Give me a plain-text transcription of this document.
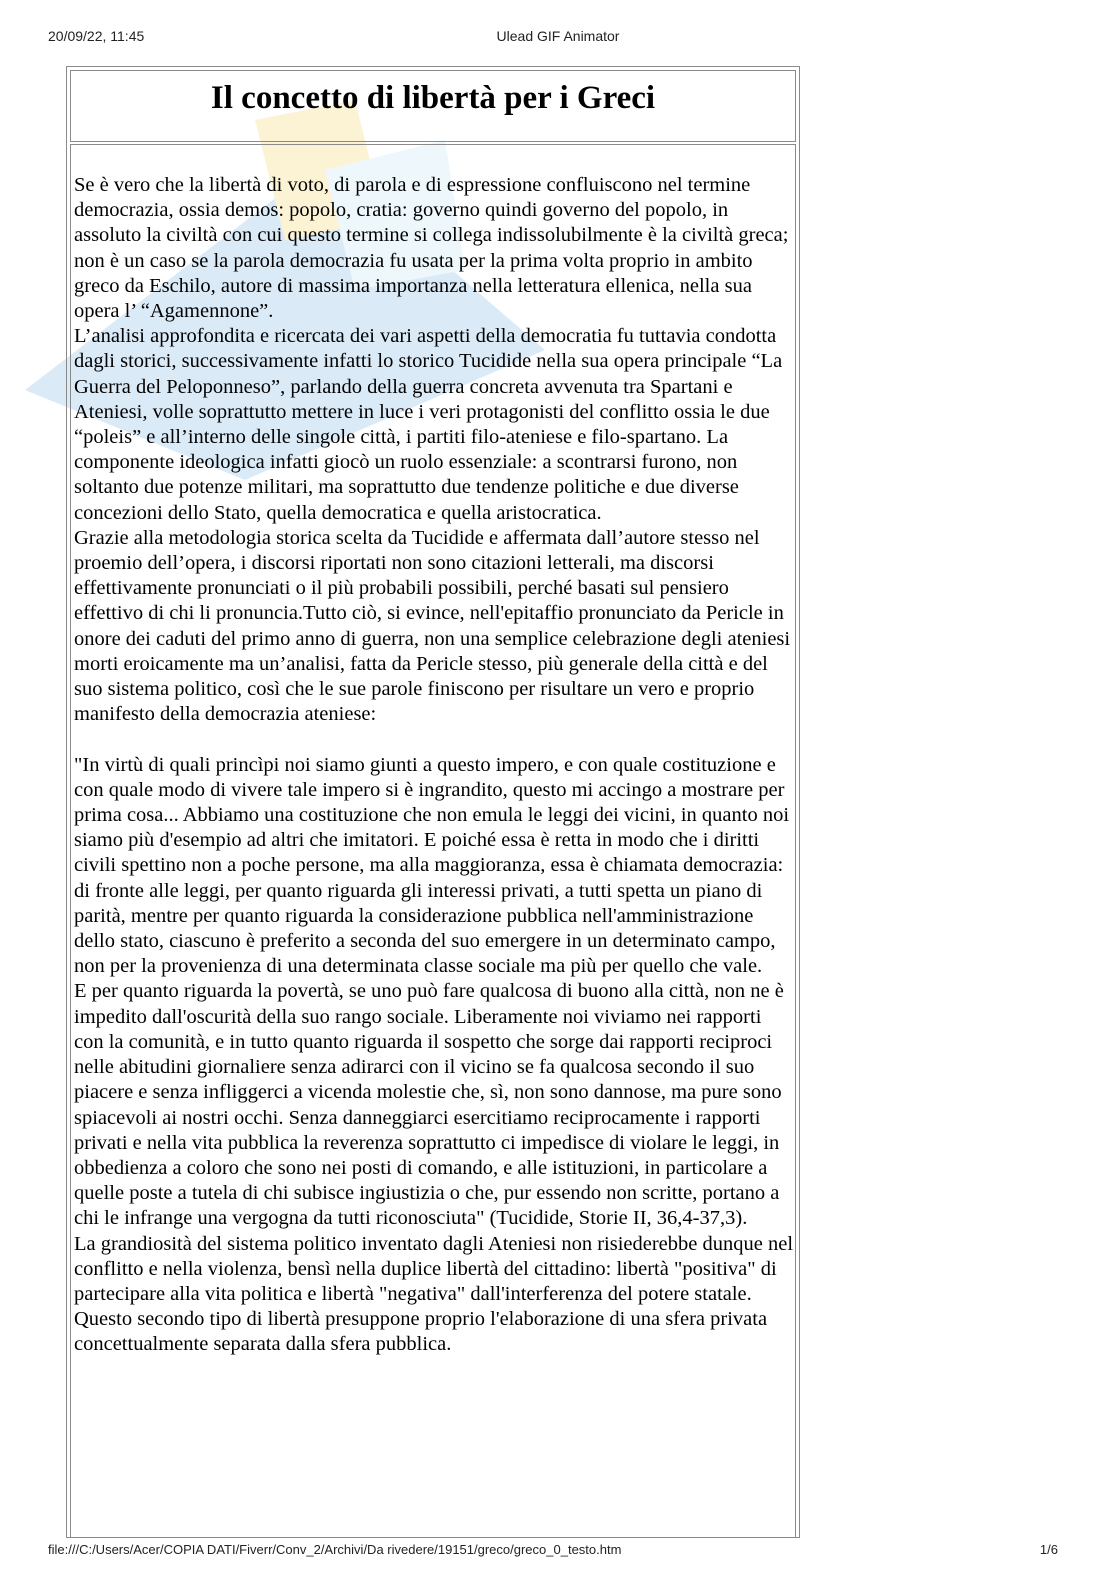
20/09/22, 11:45	Ulead GIF Animator
Il concetto di libertà per i Greci

Se è vero che la libertà di voto, di parola e di espressione confluiscono nel termine democrazia, ossia demos: popolo, cratia: governo quindi governo del popolo, in assoluto la civiltà con cui questo termine si collega indissolubilmente è la civiltà greca; non è un caso se la parola democrazia fu usata per la prima volta proprio in ambito greco da Eschilo, autore di massima importanza nella letteratura ellenica, nella sua opera l’ “Agamennone”.

L’analisi approfondita e ricercata dei vari aspetti della democratia fu tuttavia condotta dagli storici, successivamente infatti lo storico Tucidide nella sua opera principale “La Guerra del Peloponneso”, parlando della guerra concreta avvenuta tra Spartani e Ateniesi, volle soprattutto mettere in luce i veri protagonisti del conflitto ossia le due “poleis” e all’interno delle singole città, i partiti filo-ateniese e filo-spartano. La componente ideologica infatti giocò un ruolo essenziale: a scontrarsi furono, non soltanto due potenze militari, ma soprattutto due tendenze politiche e due diverse concezioni dello Stato, quella democratica e quella aristocratica.

Grazie alla metodologia storica scelta da Tucidide e affermata dall’autore stesso nel proemio dell’opera, i discorsi riportati non sono citazioni letterali, ma discorsi effettivamente pronunciati o il più probabili possibili, perché basati sul pensiero effettivo di chi li pronuncia.Tutto ciò, si evince, nell'epitaffio pronunciato da Pericle in onore dei caduti del primo anno di guerra, non una semplice celebrazione degli ateniesi morti eroicamente ma un’analisi, fatta da Pericle stesso, più generale della città e del suo sistema politico, così che le sue parole finiscono per risultare un vero e proprio manifesto della democrazia ateniese:

"In virtù di quali princìpi noi siamo giunti a questo impero, e con quale costituzione e con quale modo di vivere tale impero si è ingrandito, questo mi accingo a mostrare per prima cosa... Abbiamo una costituzione che non emula le leggi dei vicini, in quanto noi siamo più d'esempio ad altri che imitatori. E poiché essa è retta in modo che i diritti civili spettino non a poche persone, ma alla maggioranza, essa è chiamata democrazia: di fronte alle leggi, per quanto riguarda gli interessi privati, a tutti spetta un piano di parità, mentre per quanto riguarda la considerazione pubblica nell'amministrazione dello stato, ciascuno è preferito a seconda del suo emergere in un determinato campo, non per la provenienza di una determinata classe sociale ma più per quello che vale.

E per quanto riguarda la povertà, se uno può fare qualcosa di buono alla città, non ne è impedito dall'oscurità della suo rango sociale. Liberamente noi viviamo nei rapporti con la comunità, e in tutto quanto riguarda il sospetto che sorge dai rapporti reciproci nelle abitudini giornaliere senza adirarci con il vicino se fa qualcosa secondo il suo piacere e senza infliggerci a vicenda molestie che, sì, non sono dannose, ma pure sono spiacevoli ai nostri occhi. Senza danneggiarci esercitiamo reciprocamente i rapporti privati e nella vita pubblica la reverenza soprattutto ci impedisce di violare le leggi, in obbedienza a coloro che sono nei posti di comando, e alle istituzioni, in particolare a quelle poste a tutela di chi subisce ingiustizia o che, pur essendo non scritte, portano a chi le infrange una vergogna da tutti riconosciuta" (Tucidide, Storie II, 36,4-37,3).

La grandiosità del sistema politico inventato dagli Ateniesi non risiederebbe dunque nel conflitto e nella violenza, bensì nella duplice libertà del cittadino: libertà "positiva" di partecipare alla vita politica e libertà "negativa" dall'interferenza del potere statale. Questo secondo tipo di libertà presuppone proprio l'elaborazione di una sfera privata concettualmente separata dalla sfera pubblica.

file:///C:/Users/Acer/COPIA DATI/Fiverr/Conv_2/Archivi/Da rivedere/19151/greco/greco_0_testo.htm	1/6
